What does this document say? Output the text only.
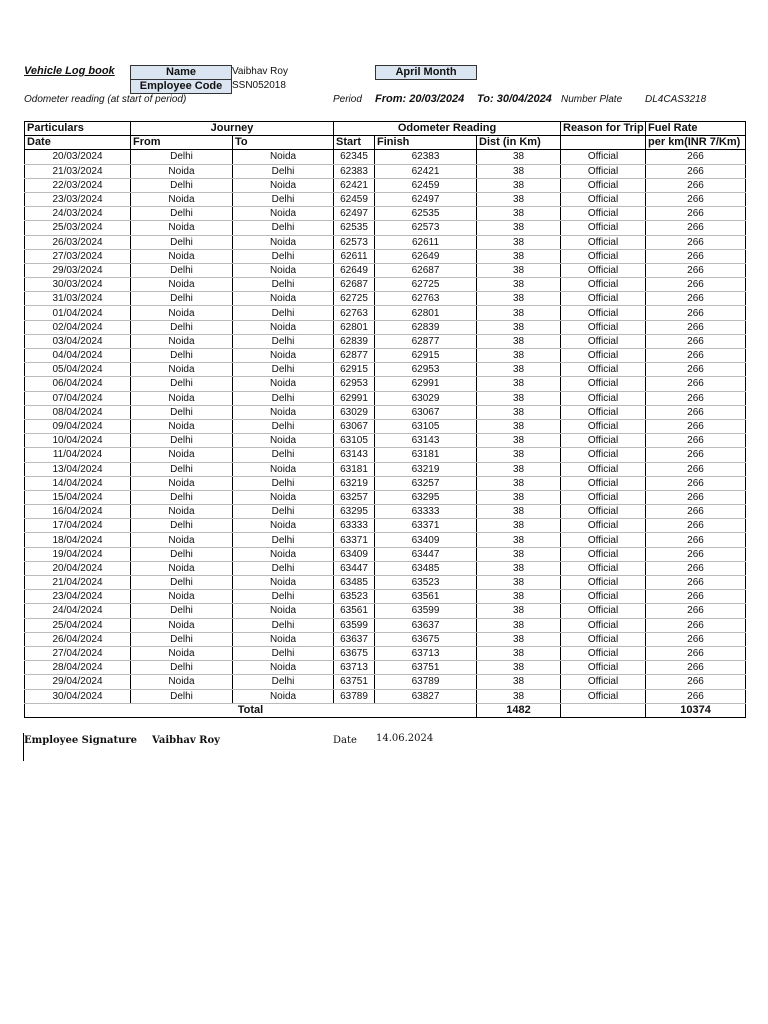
Vehicle Log book	Name	Vaibhav Roy
Employee Code SSN052018
April Month
Odometer reading (at start of period)	Period From: 20/03/2024 To: 30/04/2024 Number Plate DL4CAS3218
Particulars	Journey		Odometer Reading			Reason for Trip	Fuel Rate
Date	From	To	Start	Finish	Dist (in Km)		per km(INR 7/Km)
20/03/2024	Delhi	Noida	62345	62383	38	Official	266
21/03/2024	Noida	Delhi	62383	62421	38	Official	266
22/03/2024	Delhi	Noida	62421	62459	38	Official	266
23/03/2024	Noida	Delhi	62459	62497	38	Official	266
24/03/2024	Delhi	Noida	62497	62535	38	Official	266
25/03/2024	Noida	Delhi	62535	62573	38	Official	266
26/03/2024	Delhi	Noida	62573	62611	38	Official	266
27/03/2024	Noida	Delhi	62611	62649	38	Official	266
29/03/2024	Delhi	Noida	62649	62687	38	Official	266
30/03/2024	Noida	Delhi	62687	62725	38	Official	266
31/03/2024	Delhi	Noida	62725	62763	38	Official	266
01/04/2024	Noida	Delhi	62763	62801	38	Official	266
02/04/2024	Delhi	Noida	62801	62839	38	Official	266
03/04/2024	Noida	Delhi	62839	62877	38	Official	266
04/04/2024	Delhi	Noida	62877	62915	38	Official	266
05/04/2024	Noida	Delhi	62915	62953	38	Official	266
06/04/2024	Delhi	Noida	62953	62991	38	Official	266
07/04/2024	Noida	Delhi	62991	63029	38	Official	266
08/04/2024	Delhi	Noida	63029	63067	38	Official	266
09/04/2024	Noida	Delhi	63067	63105	38	Official	266
10/04/2024	Delhi	Noida	63105	63143	38	Official	266
11/04/2024	Noida	Delhi	63143	63181	38	Official	266
13/04/2024	Delhi	Noida	63181	63219	38	Official	266
14/04/2024	Noida	Delhi	63219	63257	38	Official	266
15/04/2024	Delhi	Noida	63257	63295	38	Official	266
16/04/2024	Noida	Delhi	63295	63333	38	Official	266
17/04/2024	Delhi	Noida	63333	63371	38	Official	266
18/04/2024	Noida	Delhi	63371	63409	38	Official	266
19/04/2024	Delhi	Noida	63409	63447	38	Official	266
20/04/2024	Noida	Delhi	63447	63485	38	Official	266
21/04/2024	Delhi	Noida	63485	63523	38	Official	266
23/04/2024	Noida	Delhi	63523	63561	38	Official	266
24/04/2024	Delhi	Noida	63561	63599	38	Official	266
25/04/2024	Noida	Delhi	63599	63637	38	Official	266
26/04/2024	Delhi	Noida	63637	63675	38	Official	266
27/04/2024	Noida	Delhi	63675	63713	38	Official	266
28/04/2024	Delhi	Noida	63713	63751	38	Official	266
29/04/2024	Noida	Delhi	63751	63789	38	Official	266
30/04/2024	Delhi	Noida	63789	63827	38	Official	266
Total					1482		10374
Employee Signature Vaibhav Roy	Date 14.06.2024
